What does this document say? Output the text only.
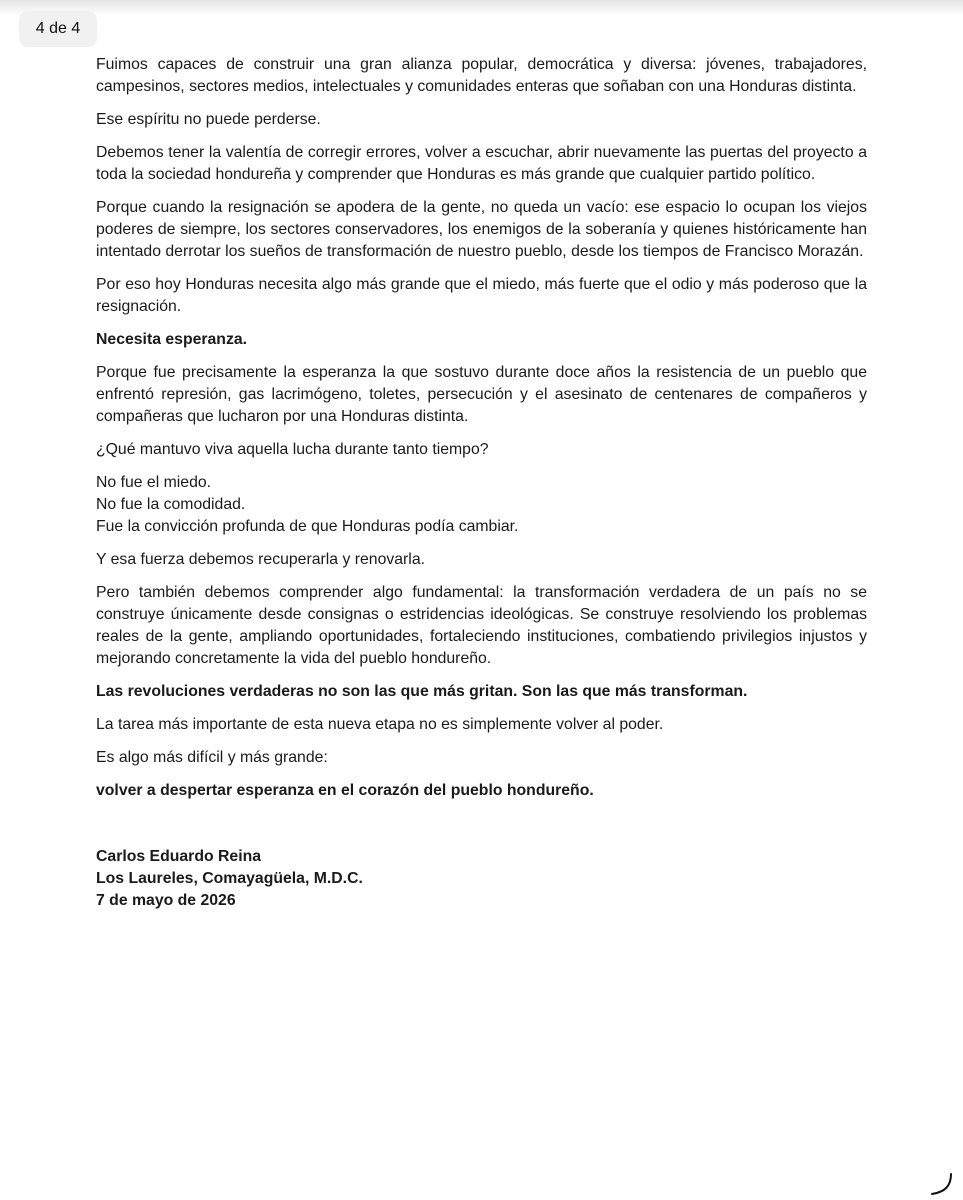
4 de 4

Fuimos capaces de construir una gran alianza popular, democrática y diversa: jóvenes, trabajadores, campesinos, sectores medios, intelectuales y comunidades enteras que soñaban con una Honduras distinta.

Ese espíritu no puede perderse.

Debemos tener la valentía de corregir errores, volver a escuchar, abrir nuevamente las puertas del proyecto a toda la sociedad hondureña y comprender que Honduras es más grande que cualquier partido político.

Porque cuando la resignación se apodera de la gente, no queda un vacío: ese espacio lo ocupan los viejos poderes de siempre, los sectores conservadores, los enemigos de la soberanía y quienes históricamente han intentado derrotar los sueños de transformación de nuestro pueblo, desde los tiempos de Francisco Morazán.

Por eso hoy Honduras necesita algo más grande que el miedo, más fuerte que el odio y más poderoso que la resignación.

Necesita esperanza.

Porque fue precisamente la esperanza la que sostuvo durante doce años la resistencia de un pueblo que enfrentó represión, gas lacrimógeno, toletes, persecución y el asesinato de centenares de compañeros y compañeras que lucharon por una Honduras distinta.

¿Qué mantuvo viva aquella lucha durante tanto tiempo?

No fue el miedo.
No fue la comodidad.
Fue la convicción profunda de que Honduras podía cambiar.

Y esa fuerza debemos recuperarla y renovarla.

Pero también debemos comprender algo fundamental: la transformación verdadera de un país no se construye únicamente desde consignas o estridencias ideológicas. Se construye resolviendo los problemas reales de la gente, ampliando oportunidades, fortaleciendo instituciones, combatiendo privilegios injustos y mejorando concretamente la vida del pueblo hondureño.

Las revoluciones verdaderas no son las que más gritan. Son las que más transforman.

La tarea más importante de esta nueva etapa no es simplemente volver al poder.

Es algo más difícil y más grande:

volver a despertar esperanza en el corazón del pueblo hondureño.

Carlos Eduardo Reina
Los Laureles, Comayagüela, M.D.C.
7 de mayo de 2026
